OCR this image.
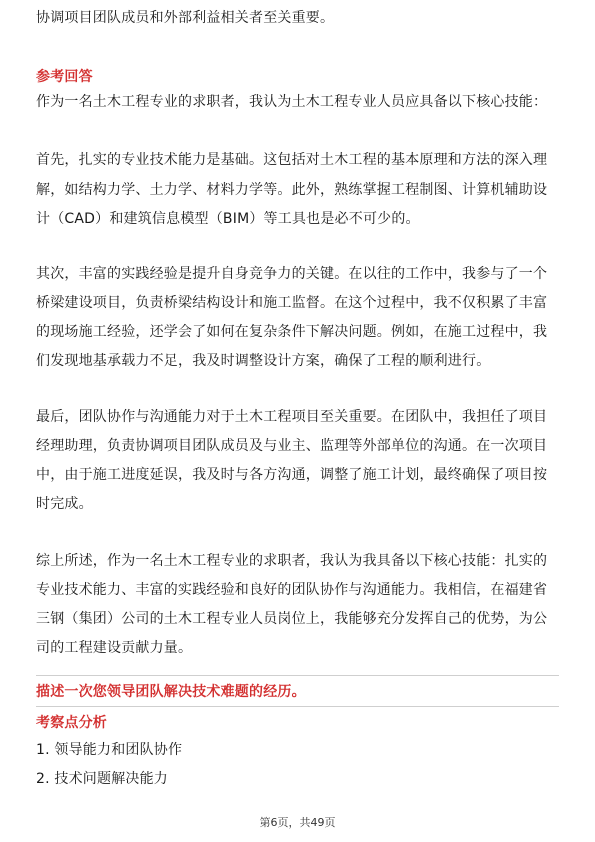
协调项目团队成员和外部利益相关者至关重要。
参考回答
作为一名土木工程专业的求职者，我认为土木工程专业人员应具备以下核心技能：
首先，扎实的专业技术能力是基础。这包括对土木工程的基本原理和方法的深入理
解，如结构力学、土力学、材料力学等。此外，熟练掌握工程制图、计算机辅助设
计（CAD）和建筑信息模型（BIM）等工具也是必不可少的。
其次，丰富的实践经验是提升自身竞争力的关键。在以往的工作中，我参与了一个
桥梁建设项目，负责桥梁结构设计和施工监督。在这个过程中，我不仅积累了丰富
的现场施工经验，还学会了如何在复杂条件下解决问题。例如，在施工过程中，我
们发现地基承载力不足，我及时调整设计方案，确保了工程的顺利进行。
最后，团队协作与沟通能力对于土木工程项目至关重要。在团队中，我担任了项目
经理助理，负责协调项目团队成员及与业主、监理等外部单位的沟通。在一次项目
中，由于施工进度延误，我及时与各方沟通，调整了施工计划，最终确保了项目按
时完成。
综上所述，作为一名土木工程专业的求职者，我认为我具备以下核心技能：扎实的
专业技术能力、丰富的实践经验和良好的团队协作与沟通能力。我相信，在福建省
三钢（集团）公司的土木工程专业人员岗位上，我能够充分发挥自己的优势，为公
司的工程建设贡献力量。
描述一次您领导团队解决技术难题的经历。
考察点分析
1. 领导能力和团队协作
2. 技术问题解决能力
第6页，共49页
